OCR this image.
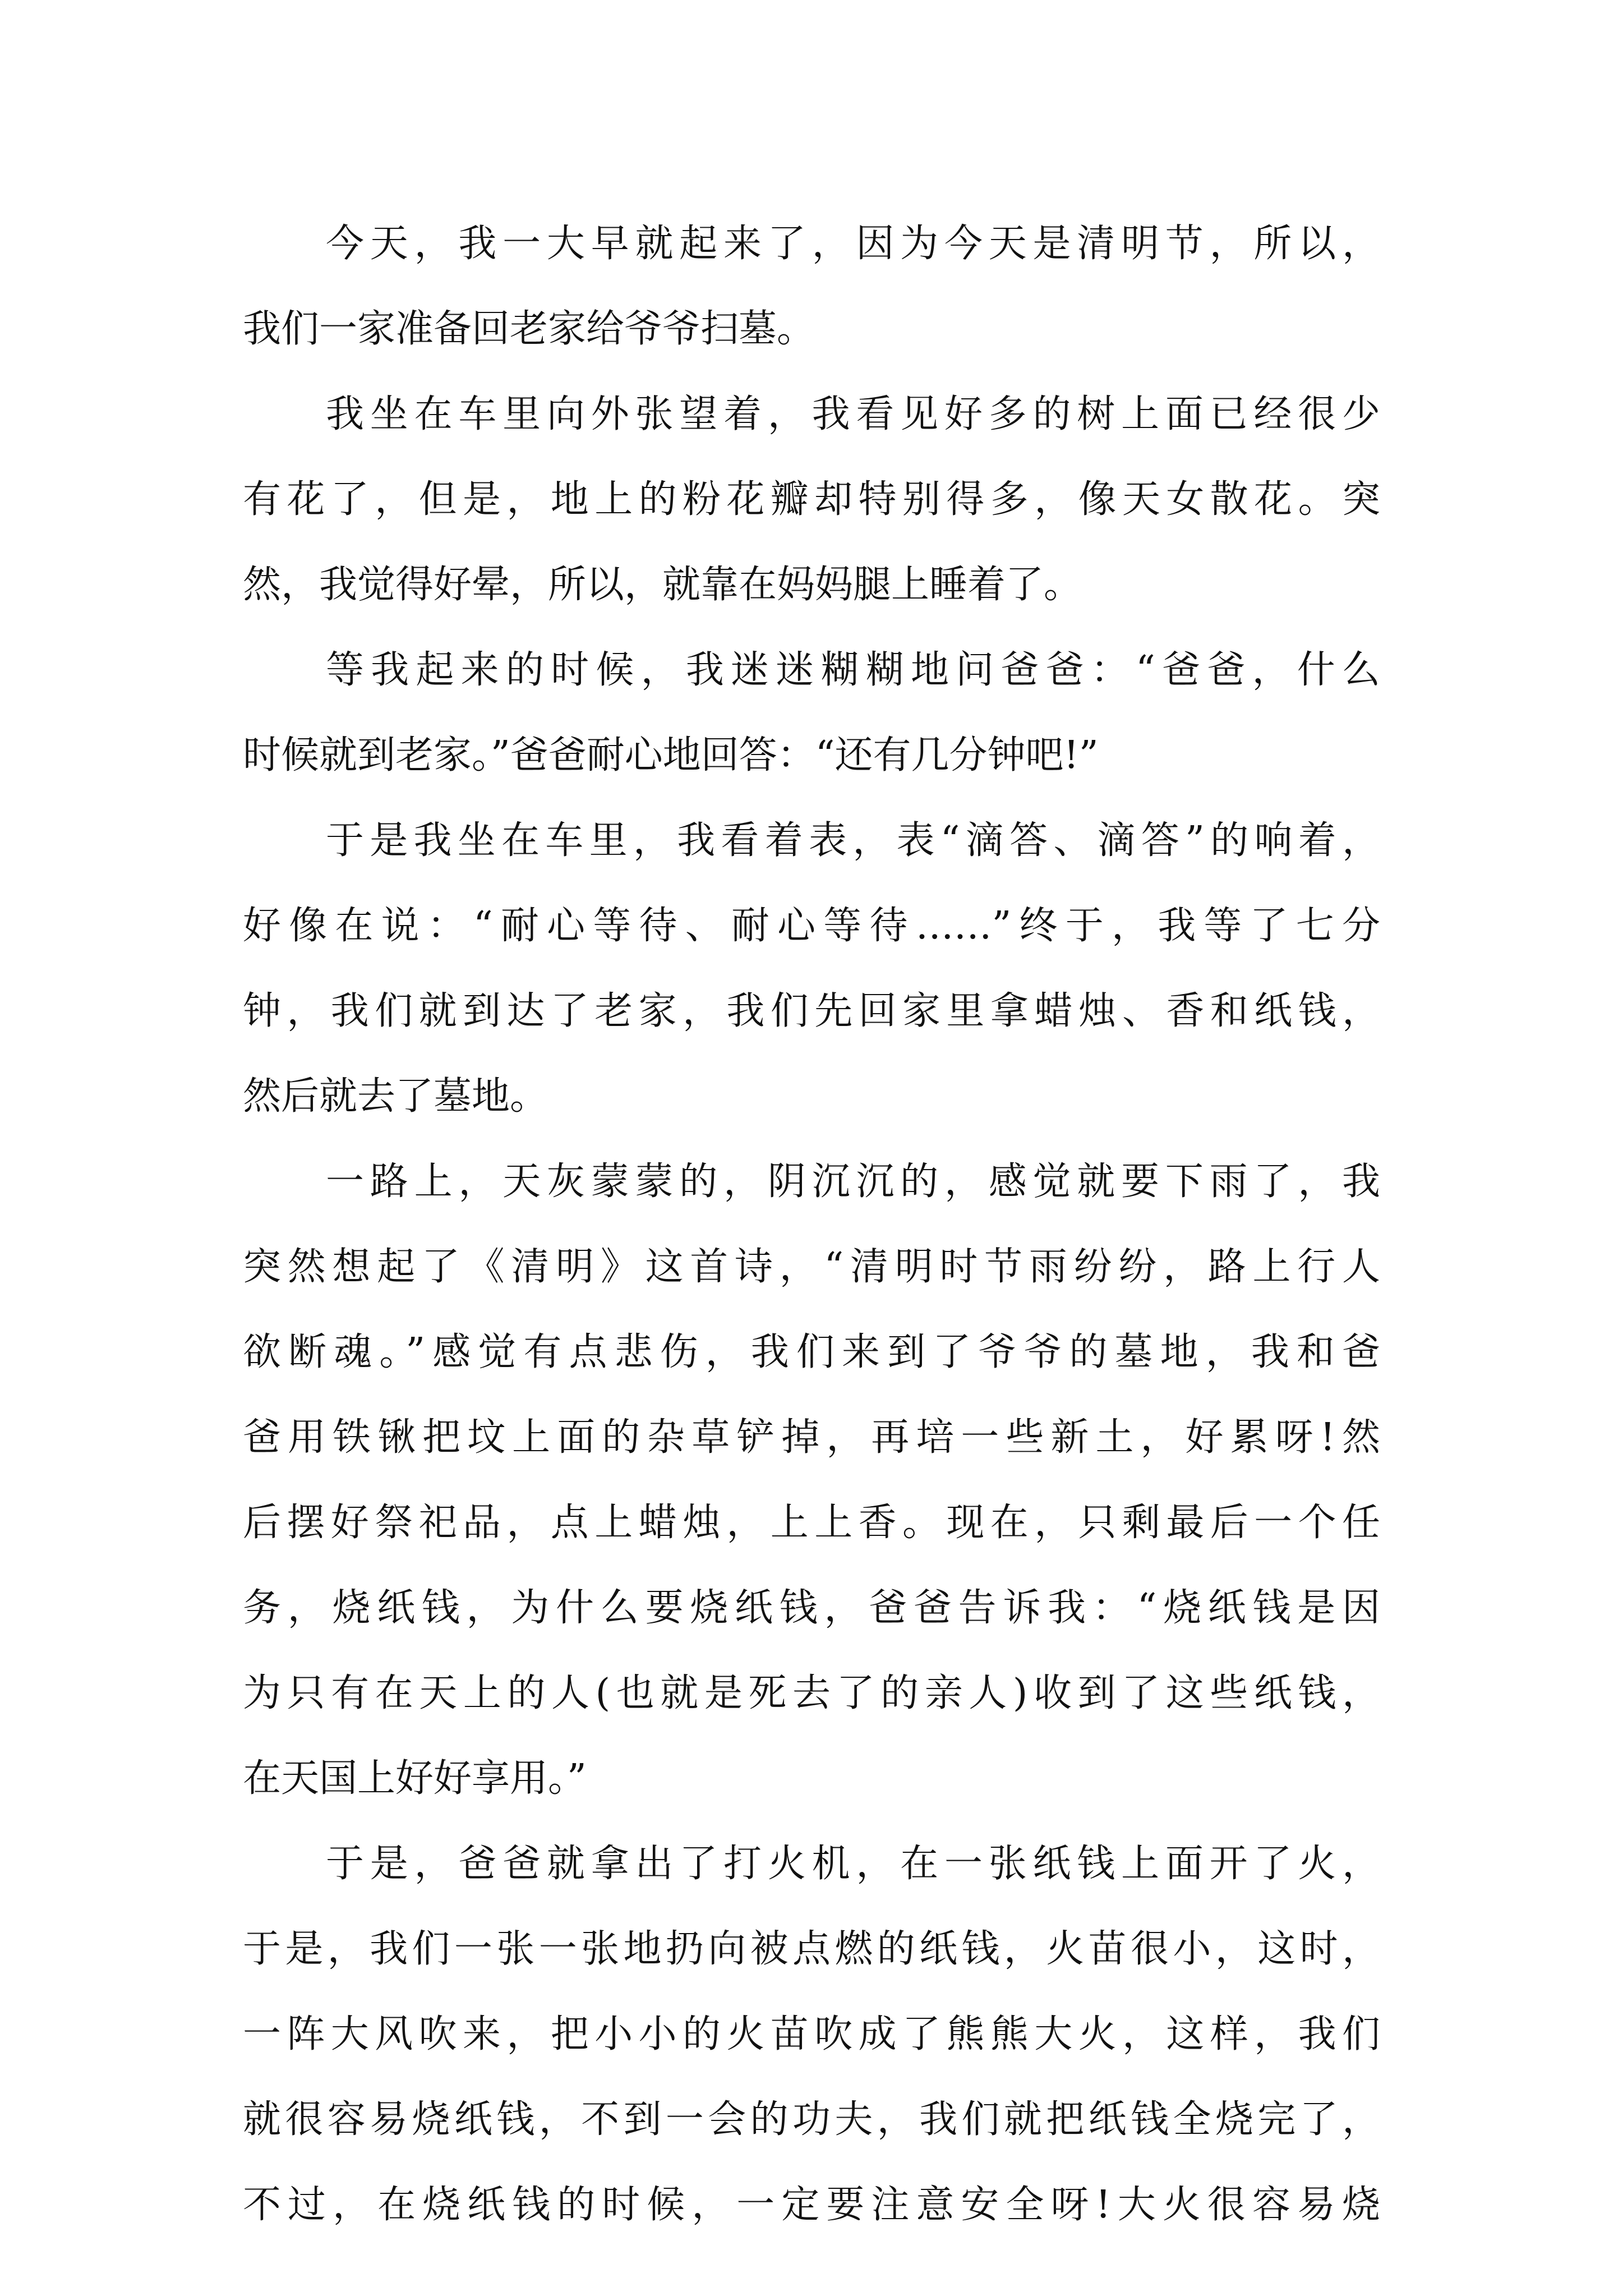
今天，我一大早就起来了，因为今天是清明节，所以，
我们一家准备回老家给爷爷扫墓。
我坐在车里向外张望着，我看见好多的树上面已经很少
有花了，但是，地上的粉花瓣却特别得多，像天女散花。突
然，我觉得好晕，所以，就靠在妈妈腿上睡着了。
等我起来的时候，我迷迷糊糊地问爸爸：“爸爸，什么
时候就到老家。”爸爸耐心地回答：“还有几分钟吧!”
于是我坐在车里，我看着表，表“滴答、滴答”的响着，
好像在说：“耐心等待、耐心等待……”终于，我等了七分
钟，我们就到达了老家，我们先回家里拿蜡烛、香和纸钱，
然后就去了墓地。
一路上，天灰蒙蒙的，阴沉沉的，感觉就要下雨了，我
突然想起了《清明》这首诗，“清明时节雨纷纷，路上行人
欲断魂。”感觉有点悲伤，我们来到了爷爷的墓地，我和爸
爸用铁锹把坟上面的杂草铲掉，再培一些新土，好累呀!然
后摆好祭祀品，点上蜡烛，上上香。现在，只剩最后一个任
务，烧纸钱，为什么要烧纸钱，爸爸告诉我：“烧纸钱是因
为只有在天上的人(也就是死去了的亲人)收到了这些纸钱，
在天国上好好享用。”
于是，爸爸就拿出了打火机，在一张纸钱上面开了火，
于是，我们一张一张地扔向被点燃的纸钱，火苗很小，这时，
一阵大风吹来，把小小的火苗吹成了熊熊大火，这样，我们
就很容易烧纸钱，不到一会的功夫，我们就把纸钱全烧完了，
不过，在烧纸钱的时候，一定要注意安全呀!大火很容易烧
